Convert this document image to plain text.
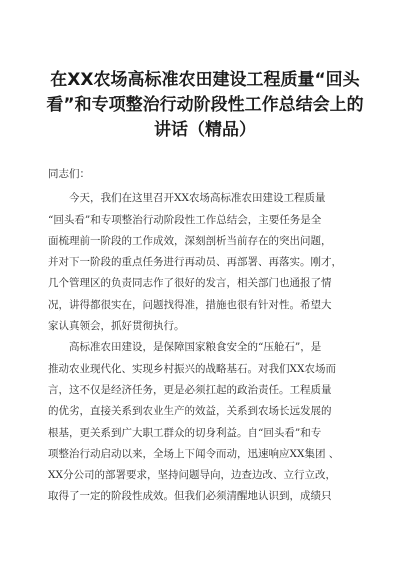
在XX农场高标准农田建设工程质量“回头
看”和专项整治行动阶段性工作总结会上的
讲话（精品）

同志们：

今天，我们在这里召开XX农场高标准农田建设工程质量
“回头看”和专项整治行动阶段性工作总结会，主要任务是全
面梳理前一阶段的工作成效，深刻剖析当前存在的突出问题，
并对下一阶段的重点任务进行再动员、再部署、再落实。刚才，
几个管理区的负责同志作了很好的发言，相关部门也通报了情
况，讲得都很实在，问题找得准，措施也很有针对性。希望大
家认真领会，抓好贯彻执行。

高标准农田建设，是保障国家粮食安全的“压舱石”，是
推动农业现代化、实现乡村振兴的战略基石。对我们XX农场而
言，这不仅是经济任务，更是必须扛起的政治责任。工程质量
的优劣，直接关系到农业生产的效益，关系到农场长远发展的
根基，更关系到广大职工群众的切身利益。自“回头看”和专
项整治行动启动以来，全场上下闻令而动，迅速响应XX集团 、
XX分公司的部署要求，坚持问题导向，边查边改、立行立改，
取得了一定的阶段性成效。但我们必须清醒地认识到，成绩只
